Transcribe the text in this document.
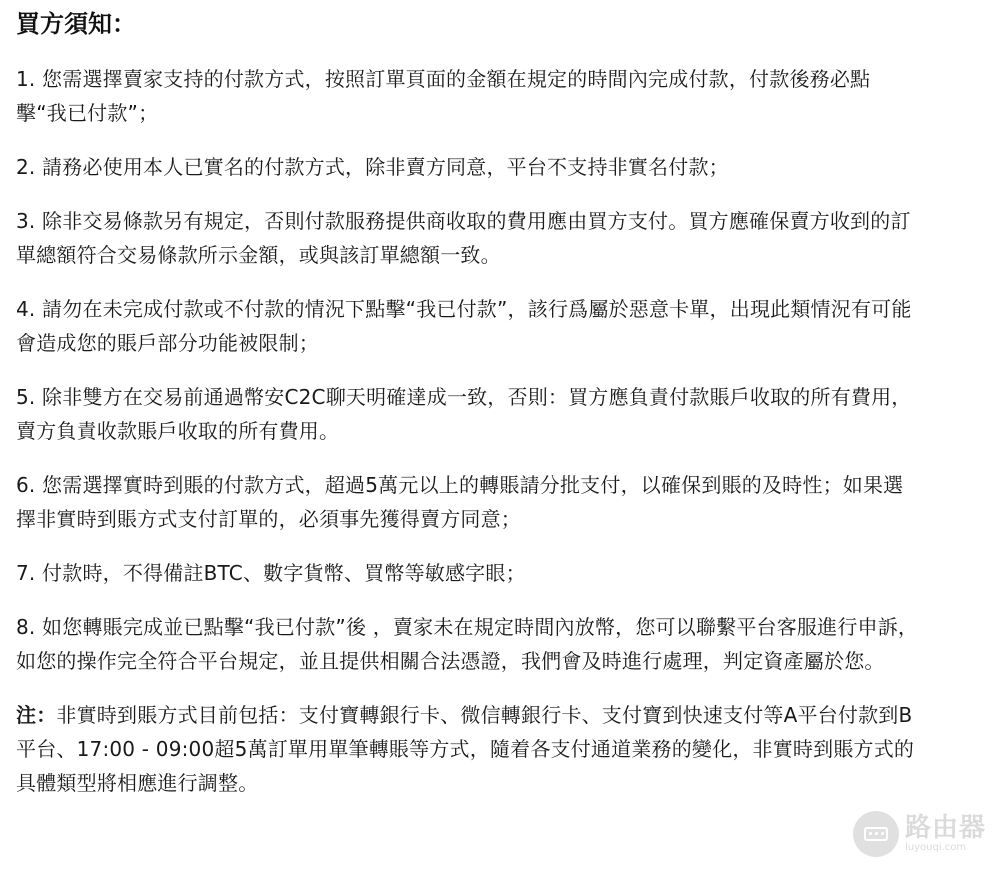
買方須知：
1. 您需選擇賣家支持的付款方式，按照訂單頁面的金額在規定的時間內完成付款，付款後務必點擊“我已付款”；
2. 請務必使用本人已實名的付款方式，除非賣方同意，平台不支持非實名付款；
3. 除非交易條款另有規定，否則付款服務提供商收取的費用應由買方支付。買方應確保賣方收到的訂單總額符合交易條款所示金額，或與該訂單總額一致。
4. 請勿在未完成付款或不付款的情況下點擊“我已付款”，該行爲屬於惡意卡單，出現此類情況有可能會造成您的賬戶部分功能被限制；
5. 除非雙方在交易前通過幣安C2C聊天明確達成一致，否則：買方應負責付款賬戶收取的所有費用，賣方負責收款賬戶收取的所有費用。
6. 您需選擇實時到賬的付款方式，超過5萬元以上的轉賬請分批支付，以確保到賬的及時性；如果選擇非實時到賬方式支付訂單的，必須事先獲得賣方同意；
7. 付款時，不得備註BTC、數字貨幣、買幣等敏感字眼；
8. 如您轉賬完成並已點擊“我已付款”後 ，賣家未在規定時間內放幣，您可以聯繫平台客服進行申訴，如您的操作完全符合平台規定，並且提供相關合法憑證，我們會及時進行處理，判定資產屬於您。
注：非實時到賬方式目前包括：支付寶轉銀行卡、微信轉銀行卡、支付寶到快速支付等A平台付款到B平台、17:00 - 09:00超5萬訂單用單筆轉賬等方式，隨着各支付通道業務的變化，非實時到賬方式的具體類型將相應進行調整。
路由器
luyouqi.com
